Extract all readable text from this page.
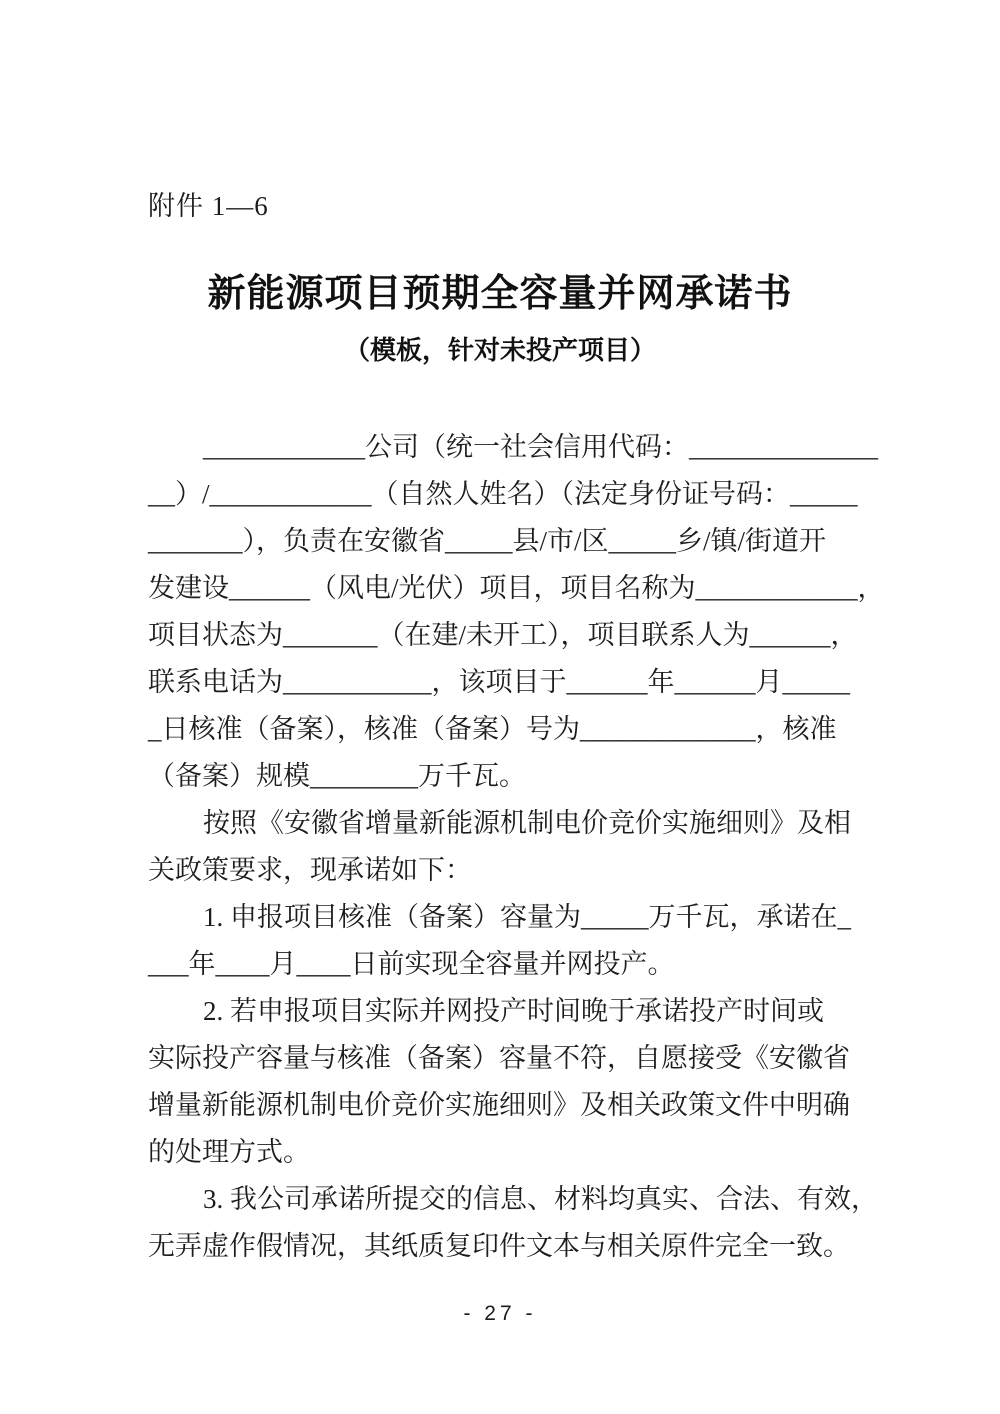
附件 1—6
新能源项目预期全容量并网承诺书
（模板，针对未投产项目）
____________公司（统一社会信用代码：______________
__）/____________（自然人姓名）（法定身份证号码：_____
_______），负责在安徽省_____县/市/区_____乡/镇/街道开
发建设______（风电/光伏）项目，项目名称为____________，
项目状态为_______（在建/未开工），项目联系人为______，
联系电话为___________，该项目于______年______月_____
_日核准（备案），核准（备案）号为_____________，核准
（备案）规模________万千瓦。
按照《安徽省增量新能源机制电价竞价实施细则》及相
关政策要求，现承诺如下：
1. 申报项目核准（备案）容量为_____万千瓦，承诺在_
___年____月____日前实现全容量并网投产。
2. 若申报项目实际并网投产时间晚于承诺投产时间或
实际投产容量与核准（备案）容量不符，自愿接受《安徽省
增量新能源机制电价竞价实施细则》及相关政策文件中明确
的处理方式。
3. 我公司承诺所提交的信息、材料均真实、合法、有效，
无弄虚作假情况，其纸质复印件文本与相关原件完全一致。
- 27 -
